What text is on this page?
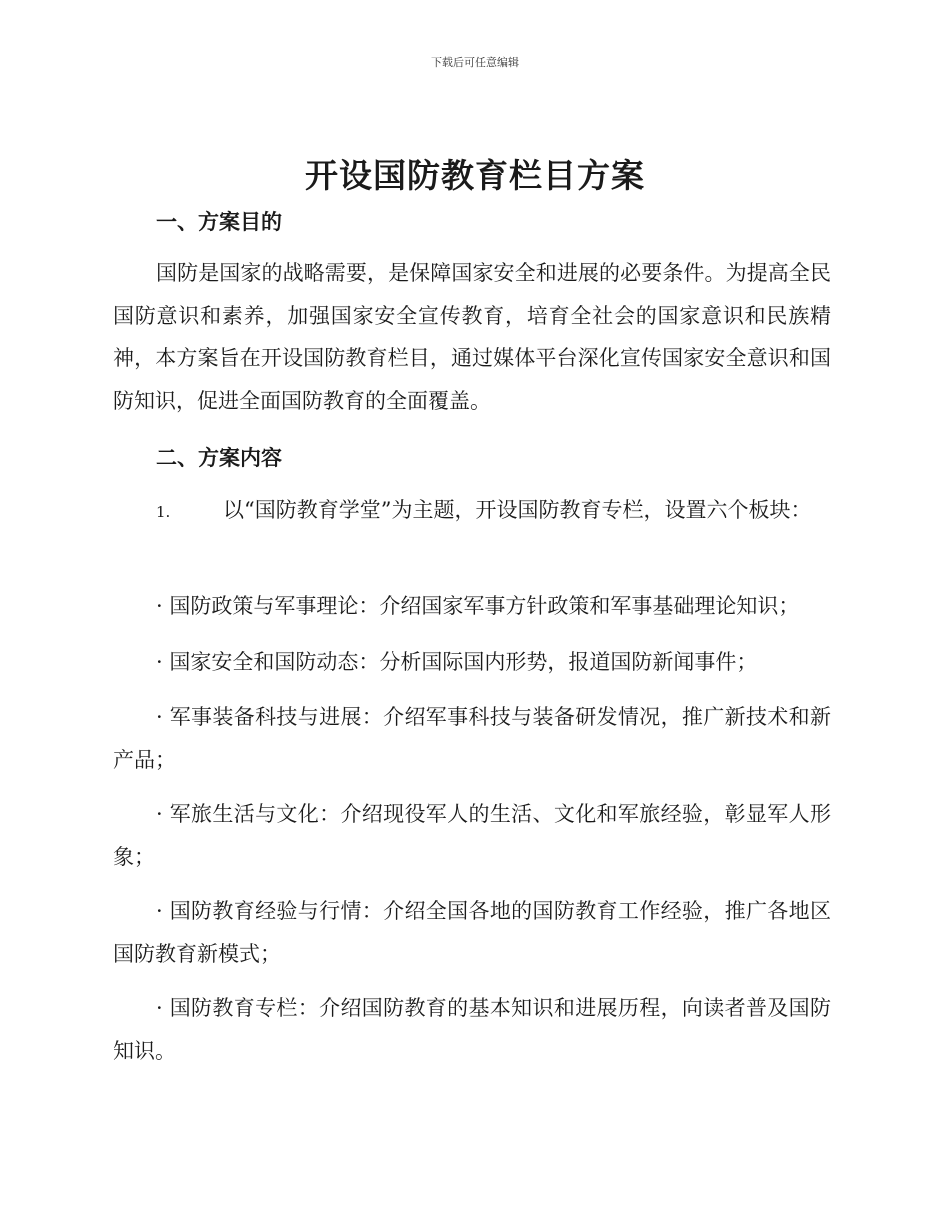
下载后可任意编辑
开设国防教育栏目方案
一、方案目的

国防是国家的战略需要，是保障国家安全和进展的必要条件。为提高全民国防意识和素养，加强国家安全宣传教育，培育全社会的国家意识和民族精神，本方案旨在开设国防教育栏目，通过媒体平台深化宣传国家安全意识和国防知识，促进全面国防教育的全面覆盖。

二、方案内容

1.	以“国防教育学堂”为主题，开设国防教育专栏，设置六个板块：

· 国防政策与军事理论：介绍国家军事方针政策和军事基础理论知识；

· 国家安全和国防动态：分析国际国内形势，报道国防新闻事件；

· 军事装备科技与进展：介绍军事科技与装备研发情况，推广新技术和新产品；

· 军旅生活与文化：介绍现役军人的生活、文化和军旅经验，彰显军人形象；

· 国防教育经验与行情：介绍全国各地的国防教育工作经验，推广各地区国防教育新模式；

· 国防教育专栏：介绍国防教育的基本知识和进展历程，向读者普及国防知识。
